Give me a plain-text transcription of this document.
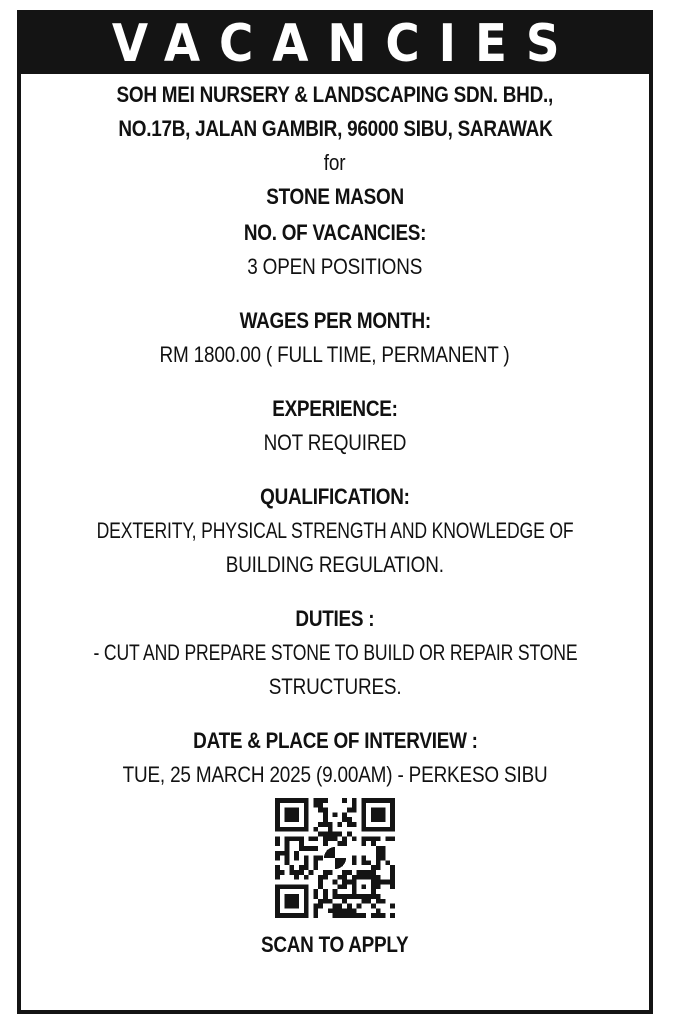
VACANCIES
SOH MEI NURSERY & LANDSCAPING SDN. BHD.,
NO.17B, JALAN GAMBIR, 96000 SIBU, SARAWAK
for
STONE MASON
NO. OF VACANCIES:
3 OPEN POSITIONS
WAGES PER MONTH:
RM 1800.00 ( FULL TIME, PERMANENT )
EXPERIENCE:
NOT REQUIRED
QUALIFICATION:
DEXTERITY, PHYSICAL STRENGTH AND KNOWLEDGE OF
BUILDING REGULATION.
DUTIES :
- CUT AND PREPARE STONE TO BUILD OR REPAIR STONE
STRUCTURES.
DATE & PLACE OF INTERVIEW :
TUE, 25 MARCH 2025 (9.00AM) - PERKESO SIBU
SCAN TO APPLY
